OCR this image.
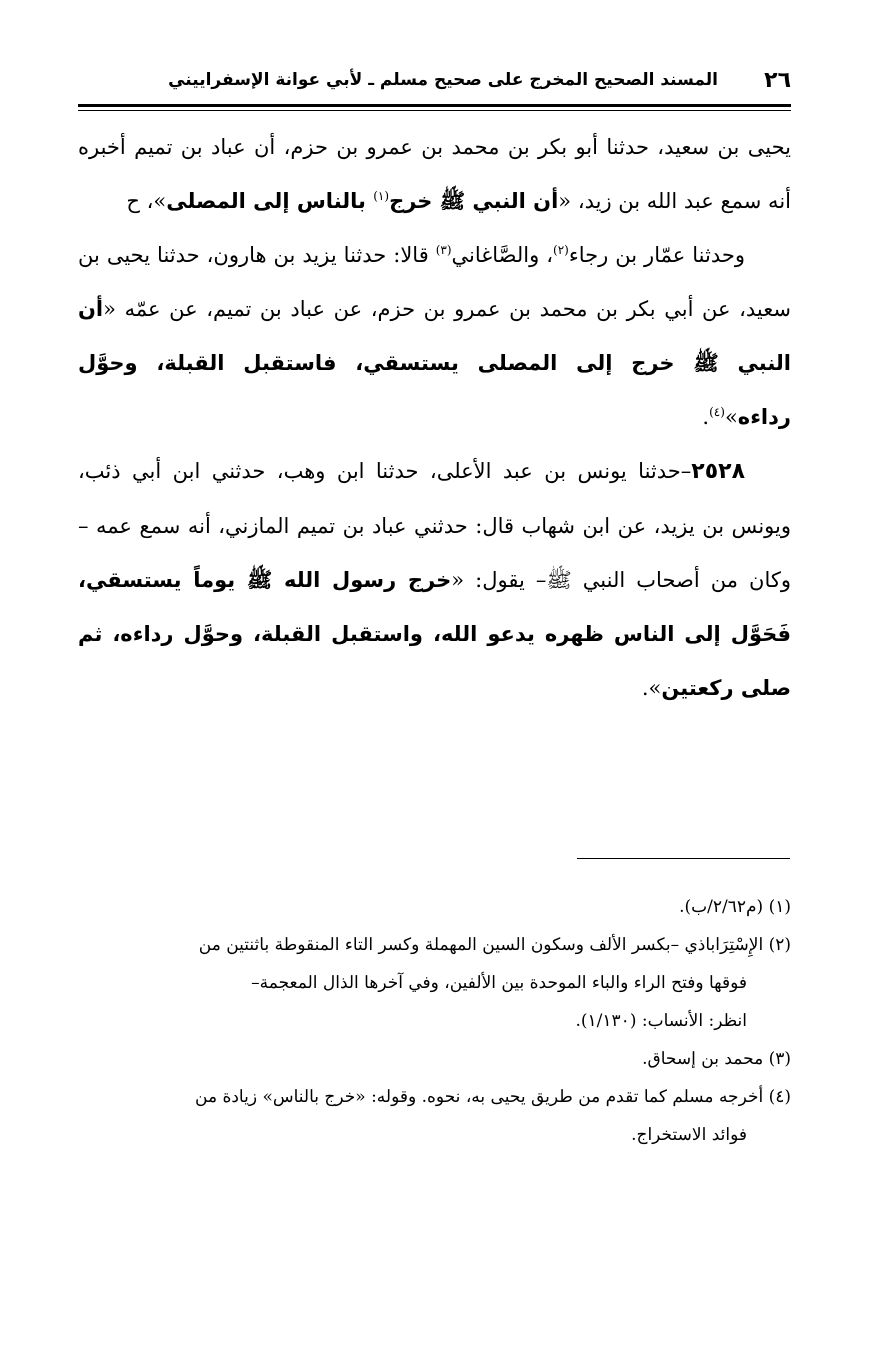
٢٦
المسند الصحيح المخرج على صحيح مسلم ـ لأبي عوانة الإسفراييني

يحيى بن سعيد، حدثنا أبو بكر بن محمد بن عمرو بن حزم، أن عباد بن تميم أخبره أنه سمع عبد الله بن زيد، «أن النبي ﷺ خرج$^{(١)}$ بالناس إلى المصلى»، ح

وحدثنا عمّار بن رجاء$^{(٢)}$، والصَّاغاني$^{(٣)}$ قالا: حدثنا يزيد بن هارون، حدثنا يحيى بن سعيد، عن أبي بكر بن محمد بن عمرو بن حزم، عن عباد بن تميم، عن عمّه «أن النبي ﷺ خرج إلى المصلى يستسقي، فاستقبل القبلة، وحوَّل رداءه»$^{(٤)}$.

٢٥٢٨–حدثنا يونس بن عبد الأعلى، حدثنا ابن وهب، حدثني ابن أبي ذئب، ويونس بن يزيد، عن ابن شهاب قال: حدثني عباد بن تميم المازني، أنه سمع عمه –وكان من أصحاب النبي ﷺ– يقول: «خرج رسول الله ﷺ يوماً يستسقي، فَحَوَّل إلى الناس ظهره يدعو الله، واستقبل القبلة، وحوَّل رداءه، ثم صلى ركعتين».

(١) (م٢/٦٢/ب).

(٢) الإِسْتِرَاباذي –بكسر الألف وسكون السين المهملة وكسر التاء المنقوطة باثنتين من

فوقها وفتح الراء والباء الموحدة بين الألفين، وفي آخرها الذال المعجمة–

انظر: الأنساب: (١/١٣٠).

(٣) محمد بن إسحاق.

(٤) أخرجه مسلم كما تقدم من طريق يحيى به، نحوه. وقوله: «خرج بالناس» زيادة من

فوائد الاستخراج.
